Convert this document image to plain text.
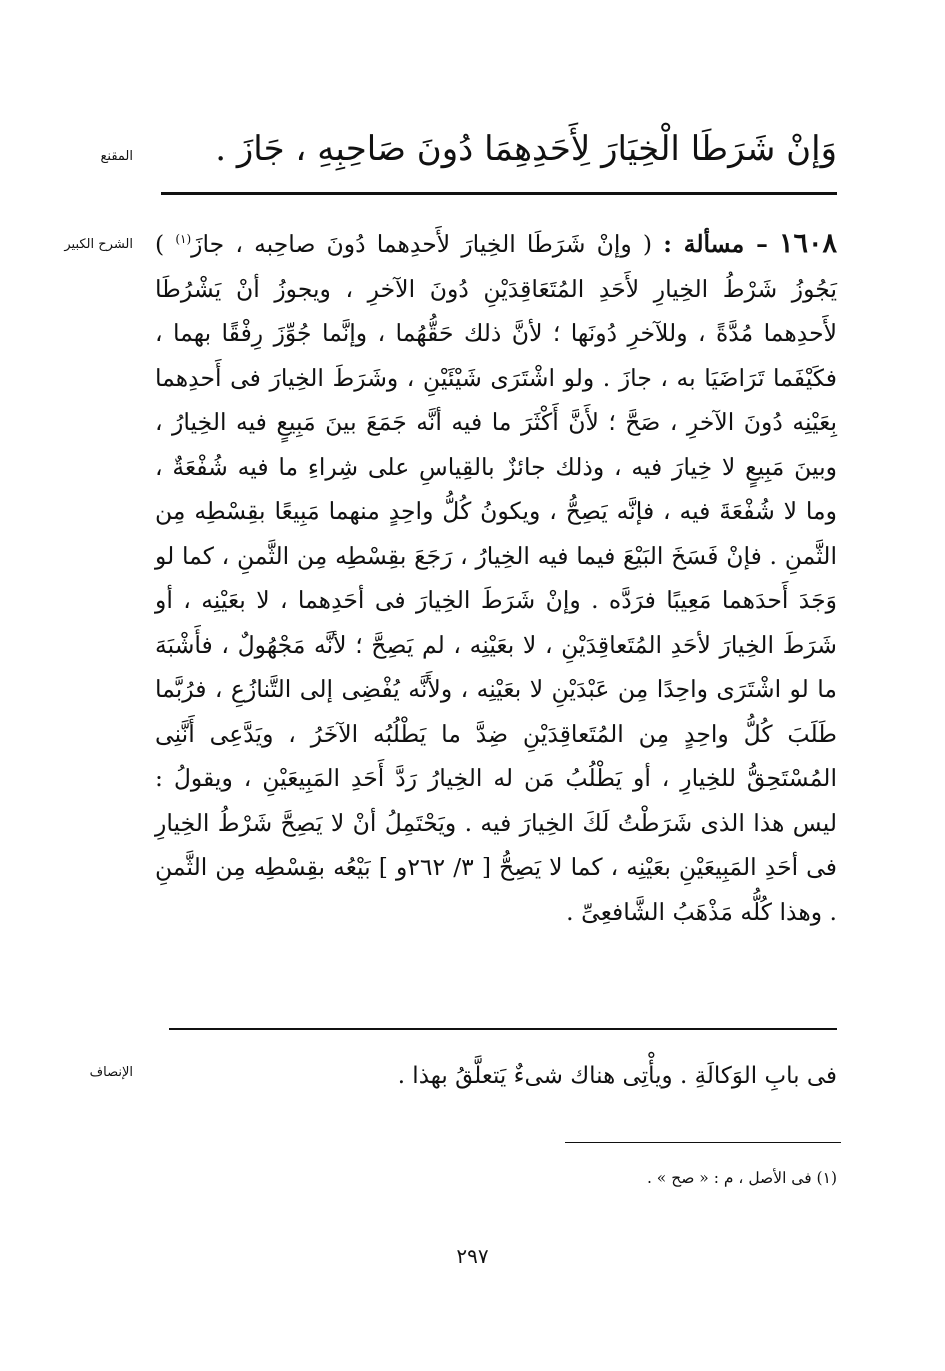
المقنع
الشرح الكبير
الإنصاف
وَإنْ شَرَطَا الْخِيَارَ لِأَحَدِهِمَا دُونَ صَاحِبِهِ ، جَازَ .
١٦٠٨ – مسألة : ( وإنْ شَرَطَا الخِيارَ لأَحدِهما دُونَ صاحِبه ، جازَ$^{(١)}$ ) يَجُوزُ شَرْطُ الخِيارِ لأَحَدِ المُتَعَاقِدَيْنِ دُونَ الآخرِ ، ويجوزُ أنْ يَشْرُطَا لأَحدِهما مُدَّةً ، وللآخرِ دُونَها ؛ لأنَّ ذلك حَقُّهُما ، وإنَّما جُوِّزَ رِفْقًا بهما ، فكَيْفَما تَرَاضَيَا به ، جازَ . ولو اشْتَرَى شَيْئَيْنِ ، وشَرَطَ الخِيارَ فى أَحدِهما بِعَيْنِه دُونَ الآخرِ ، صَحَّ ؛ لأَنَّ أَكْثَرَ ما فيه أنَّه جَمَعَ بينَ مَبِيعٍ فيه الخِيارُ ، وبينَ مَبِيعٍ لا خِيارَ فيه ، وذلك جائزٌ بالقِياسِ على شِراءِ ما فيه شُفْعَةٌ ، وما لا شُفْعَةَ فيه ، فإنَّه يَصِحُّ ، ويكونُ كُلُّ واحِدٍ منهما مَبِيعًا بقِسْطِه مِن الثَّمنِ . فإنْ فَسَخَ البَيْعَ فيما فيه الخِيارُ ، رَجَعَ بقِسْطِه مِن الثَّمنِ ، كما لو وَجَدَ أَحدَهما مَعِيبًا فرَدَّه . وإنْ شَرَطَ الخِيارَ فى أحَدِهما ، لا بعَيْنِه ، أو شَرَطَ الخِيارَ لأحَدِ المُتَعاقِدَيْنِ ، لا بعَيْنِه ، لم يَصِحَّ ؛ لأنَّه مَجْهُولٌ ، فأَشْبَهَ ما لو اشْتَرَى واحِدًا مِن عَبْدَيْنِ لا بعَيْنِه ، ولأَنَّه يُفْضِى إلى التَّنازُعِ ، فرُبَّما طَلَبَ كُلُّ واحِدٍ مِن المُتَعاقِدَيْنِ ضِدَّ ما يَطْلُبُه الآخَرُ ، ويَدَّعِى أَنَّنِى المُسْتَحِقُّ للخِيارِ ، أو يَطْلُبُ مَن له الخِيارُ رَدَّ أَحَدِ المَبِيعَيْنِ ، ويقولُ : ليس هذا الذى شَرَطْتُ لَكَ الخِيارَ فيه . ويَحْتَمِلُ أنْ لا يَصِحَّ شَرْطُ الخِيارِ فى أحَدِ المَبِيعَيْنِ بعَيْنِه ، كما لا يَصِحُّ [ ٣/ ٢٦٢و ] بَيْعُه بقِسْطِه مِن الثَّمنِ . وهذا كُلُّه مَذْهَبُ الشَّافعِىِّ .
فى بابِ الوَكالَةِ . ويأْتِى هناك شىءٌ يَتعلَّقُ بهذا .
(١) فى الأصل ، م : « صح » .
٢٩٧
